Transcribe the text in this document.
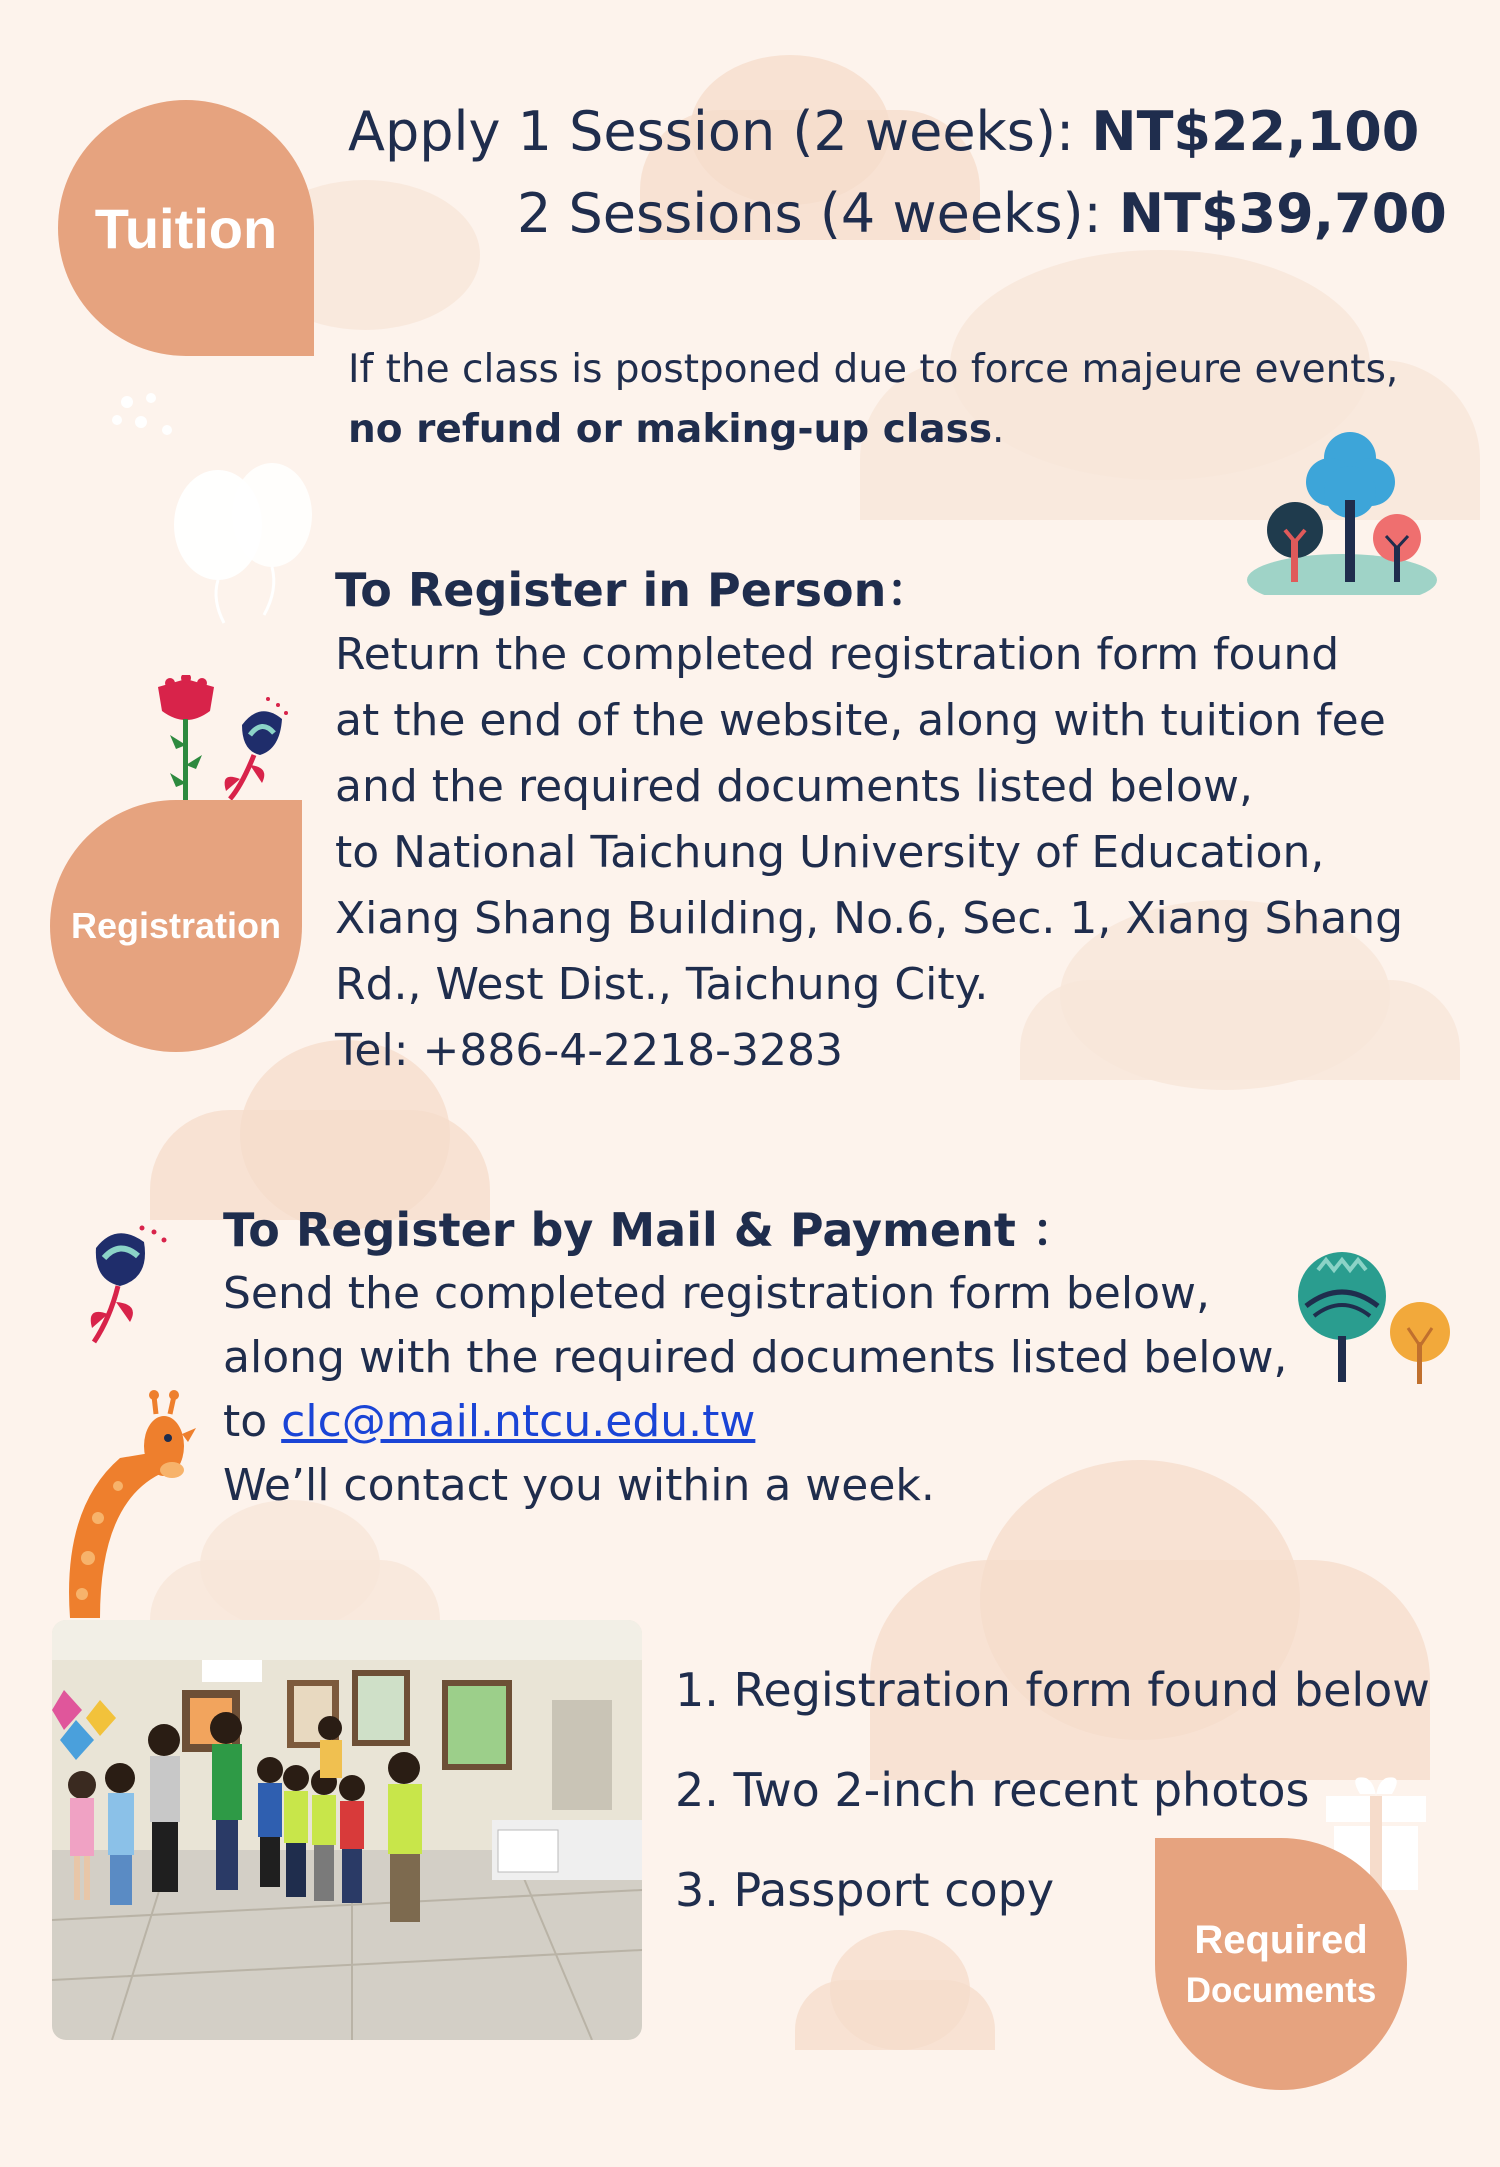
Tuition
Apply 1 Session (2 weeks): NT$22,100
2 Sessions (4 weeks): NT$39,700
If the class is postponed due to force majeure events,
no refund or making-up class.
Registration
To Register in Person：
Return the completed registration form found
at the end of the website, along with tuition fee
and the required documents listed below,
to National Taichung University of Education,
Xiang Shang Building, No.6, Sec. 1, Xiang Shang
Rd., West Dist., Taichung City.
Tel: +886-4-2218-3283
To Register by Mail & Payment ：
Send the completed registration form below,
along with the required documents listed below,
to clc@mail.ntcu.edu.tw
We’ll contact you within a week.
1. Registration form found below
2. Two 2-inch recent photos
3. Passport copy
Required
Documents
